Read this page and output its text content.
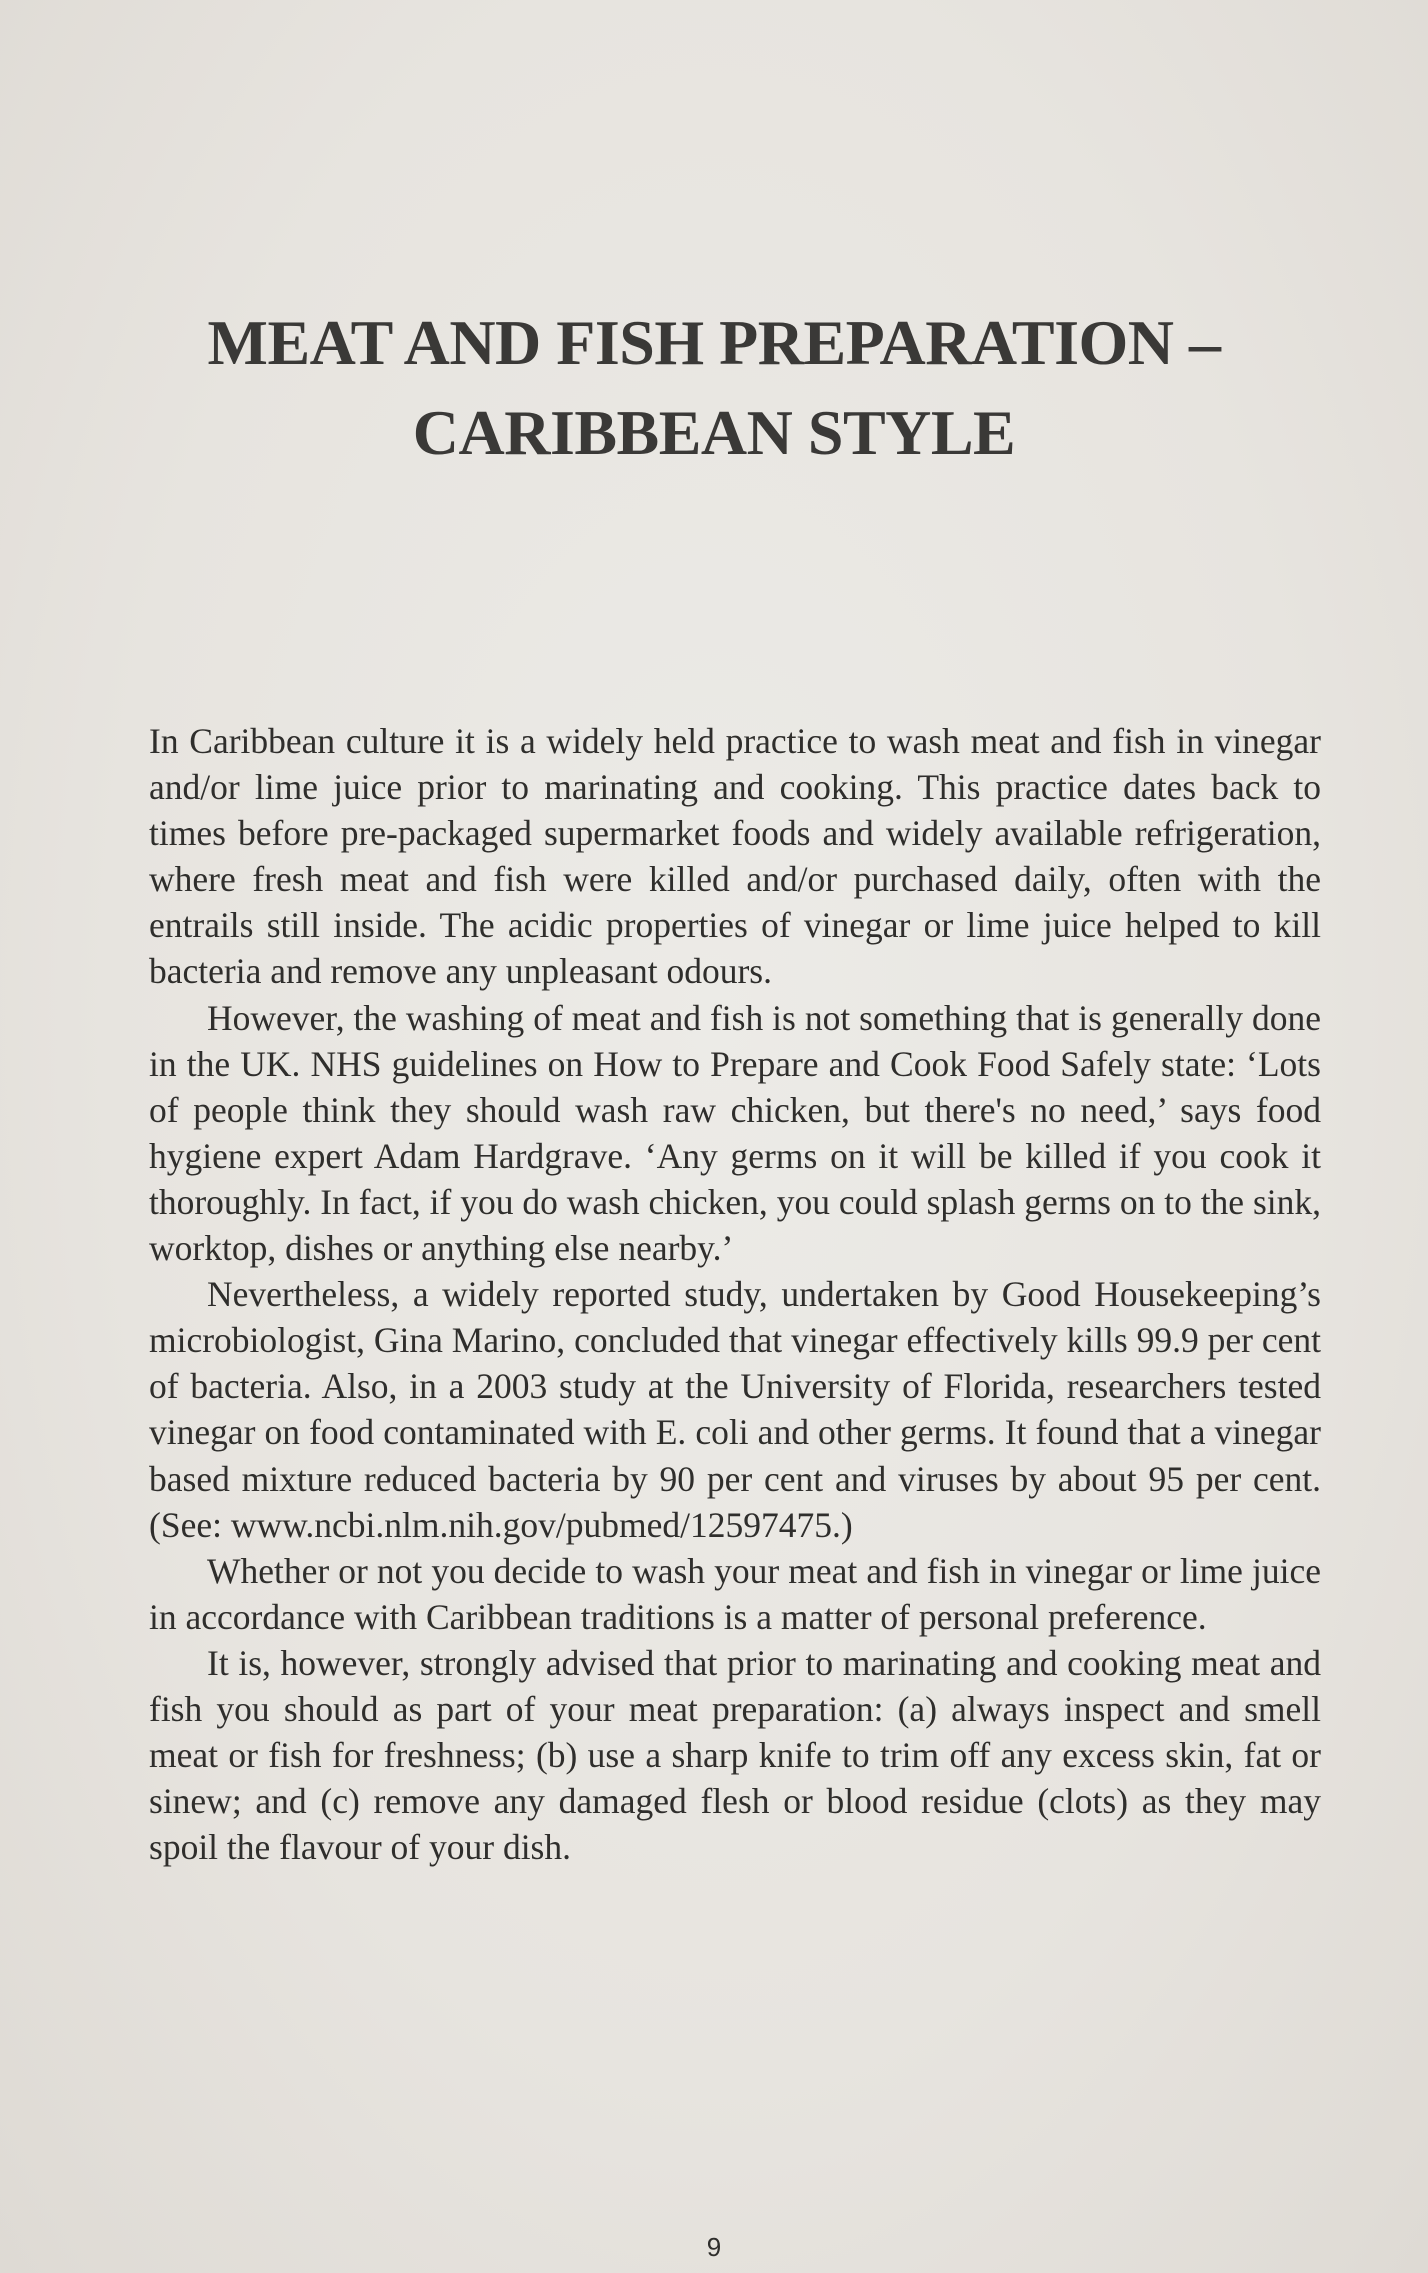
MEAT AND FISH PREPARATION –
CARIBBEAN STYLE

In Caribbean culture it is a widely held practice to wash meat and fish in vinegar and/or lime juice prior to marinating and cooking. This practice dates back to times before pre-packaged supermarket foods and widely available refrigeration, where fresh meat and fish were killed and/or purchased daily, often with the entrails still inside. The acidic properties of vinegar or lime juice helped to kill bacteria and remove any unpleasant odours.

However, the washing of meat and fish is not something that is generally done in the UK. NHS guidelines on How to Prepare and Cook Food Safely state: ‘Lots of people think they should wash raw chicken, but there's no need,’ says food hygiene expert Adam Hardgrave. ‘Any germs on it will be killed if you cook it thoroughly. In fact, if you do wash chicken, you could splash germs on to the sink, worktop, dishes or anything else nearby.’

Nevertheless, a widely reported study, undertaken by Good Housekeeping’s microbiologist, Gina Marino, concluded that vinegar effectively kills 99.9 per cent of bacteria. Also, in a 2003 study at the University of Florida, researchers tested vinegar on food contaminated with E. coli and other germs. It found that a vinegar based mixture reduced bacteria by 90 per cent and viruses by about 95 per cent. (See: www.ncbi.nlm.nih.gov/pubmed/12597475.)

Whether or not you decide to wash your meat and fish in vinegar or lime juice in accordance with Caribbean traditions is a matter of personal preference.

It is, however, strongly advised that prior to marinating and cooking meat and fish you should as part of your meat preparation: (a) always inspect and smell meat or fish for freshness; (b) use a sharp knife to trim off any excess skin, fat or sinew; and (c) remove any damaged flesh or blood residue (clots) as they may spoil the flavour of your dish.

9
